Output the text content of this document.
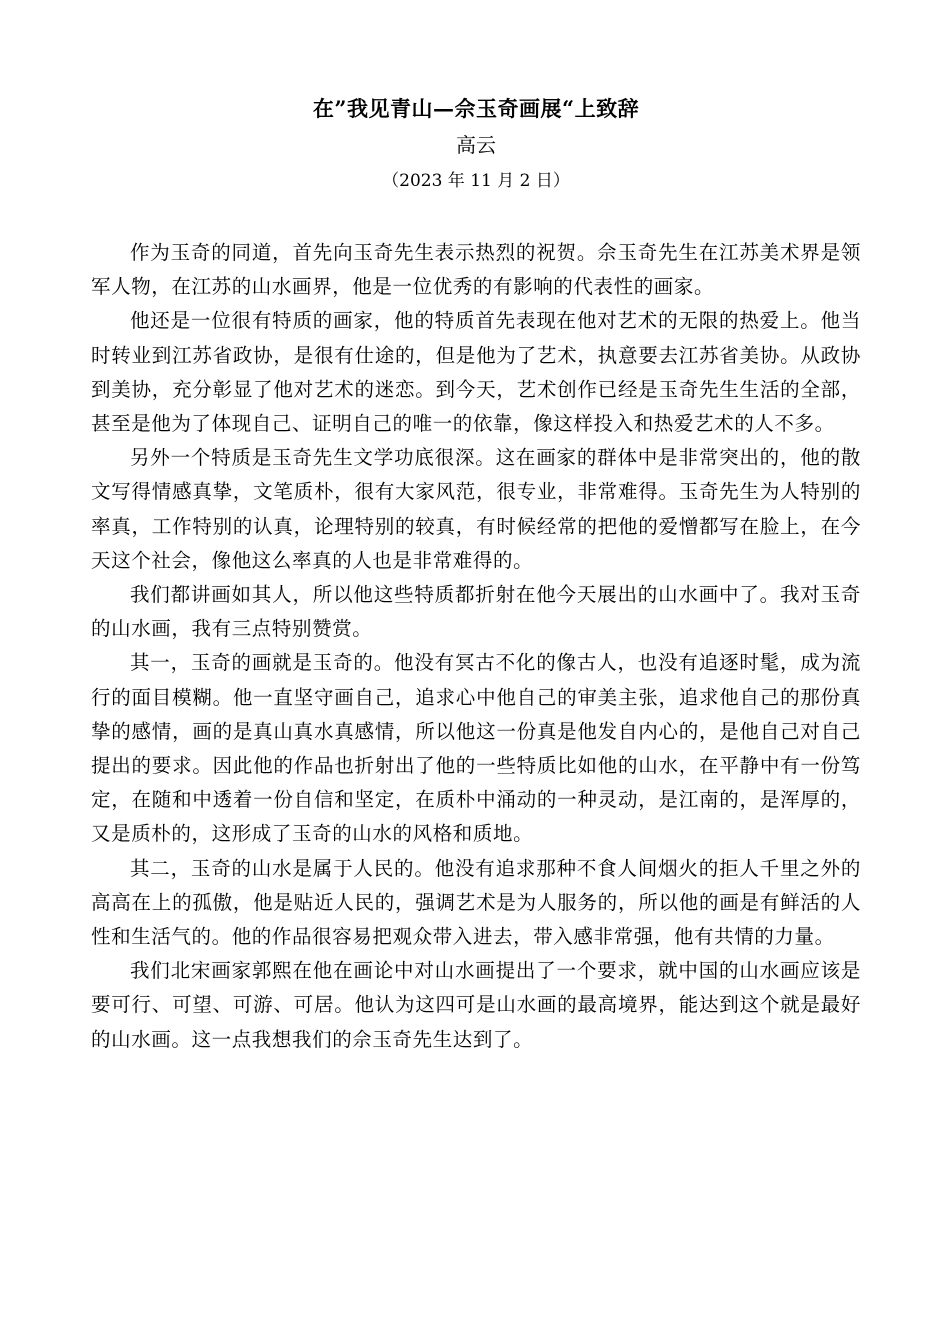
在”我见青山—佘玉奇画展“上致辞
高云
（2023 年 11 月 2 日）

作为玉奇的同道，首先向玉奇先生表示热烈的祝贺。佘玉奇先生在江苏美术界是领军人物，在江苏的山水画界，他是一位优秀的有影响的代表性的画家。

他还是一位很有特质的画家，他的特质首先表现在他对艺术的无限的热爱上。他当时转业到江苏省政协，是很有仕途的，但是他为了艺术，执意要去江苏省美协。从政协到美协，充分彰显了他对艺术的迷恋。到今天，艺术创作已经是玉奇先生生活的全部，甚至是他为了体现自己、证明自己的唯一的依靠，像这样投入和热爱艺术的人不多。

另外一个特质是玉奇先生文学功底很深。这在画家的群体中是非常突出的，他的散文写得情感真挚，文笔质朴，很有大家风范，很专业，非常难得。玉奇先生为人特别的率真，工作特别的认真，论理特别的较真，有时候经常的把他的爱憎都写在脸上，在今天这个社会，像他这么率真的人也是非常难得的。

我们都讲画如其人，所以他这些特质都折射在他今天展出的山水画中了。我对玉奇的山水画，我有三点特别赞赏。

其一，玉奇的画就是玉奇的。他没有冥古不化的像古人，也没有追逐时髦，成为流行的面目模糊。他一直坚守画自己，追求心中他自己的审美主张，追求他自己的那份真挚的感情，画的是真山真水真感情，所以他这一份真是他发自内心的，是他自己对自己提出的要求。因此他的作品也折射出了他的一些特质比如他的山水，在平静中有一份笃定，在随和中透着一份自信和坚定，在质朴中涌动的一种灵动，是江南的，是浑厚的，又是质朴的，这形成了玉奇的山水的风格和质地。

其二，玉奇的山水是属于人民的。他没有追求那种不食人间烟火的拒人千里之外的高高在上的孤傲，他是贴近人民的，强调艺术是为人服务的，所以他的画是有鲜活的人性和生活气的。他的作品很容易把观众带入进去，带入感非常强，他有共情的力量。

我们北宋画家郭熙在他在画论中对山水画提出了一个要求，就中国的山水画应该是要可行、可望、可游、可居。他认为这四可是山水画的最高境界，能达到这个就是最好的山水画。这一点我想我们的佘玉奇先生达到了。
